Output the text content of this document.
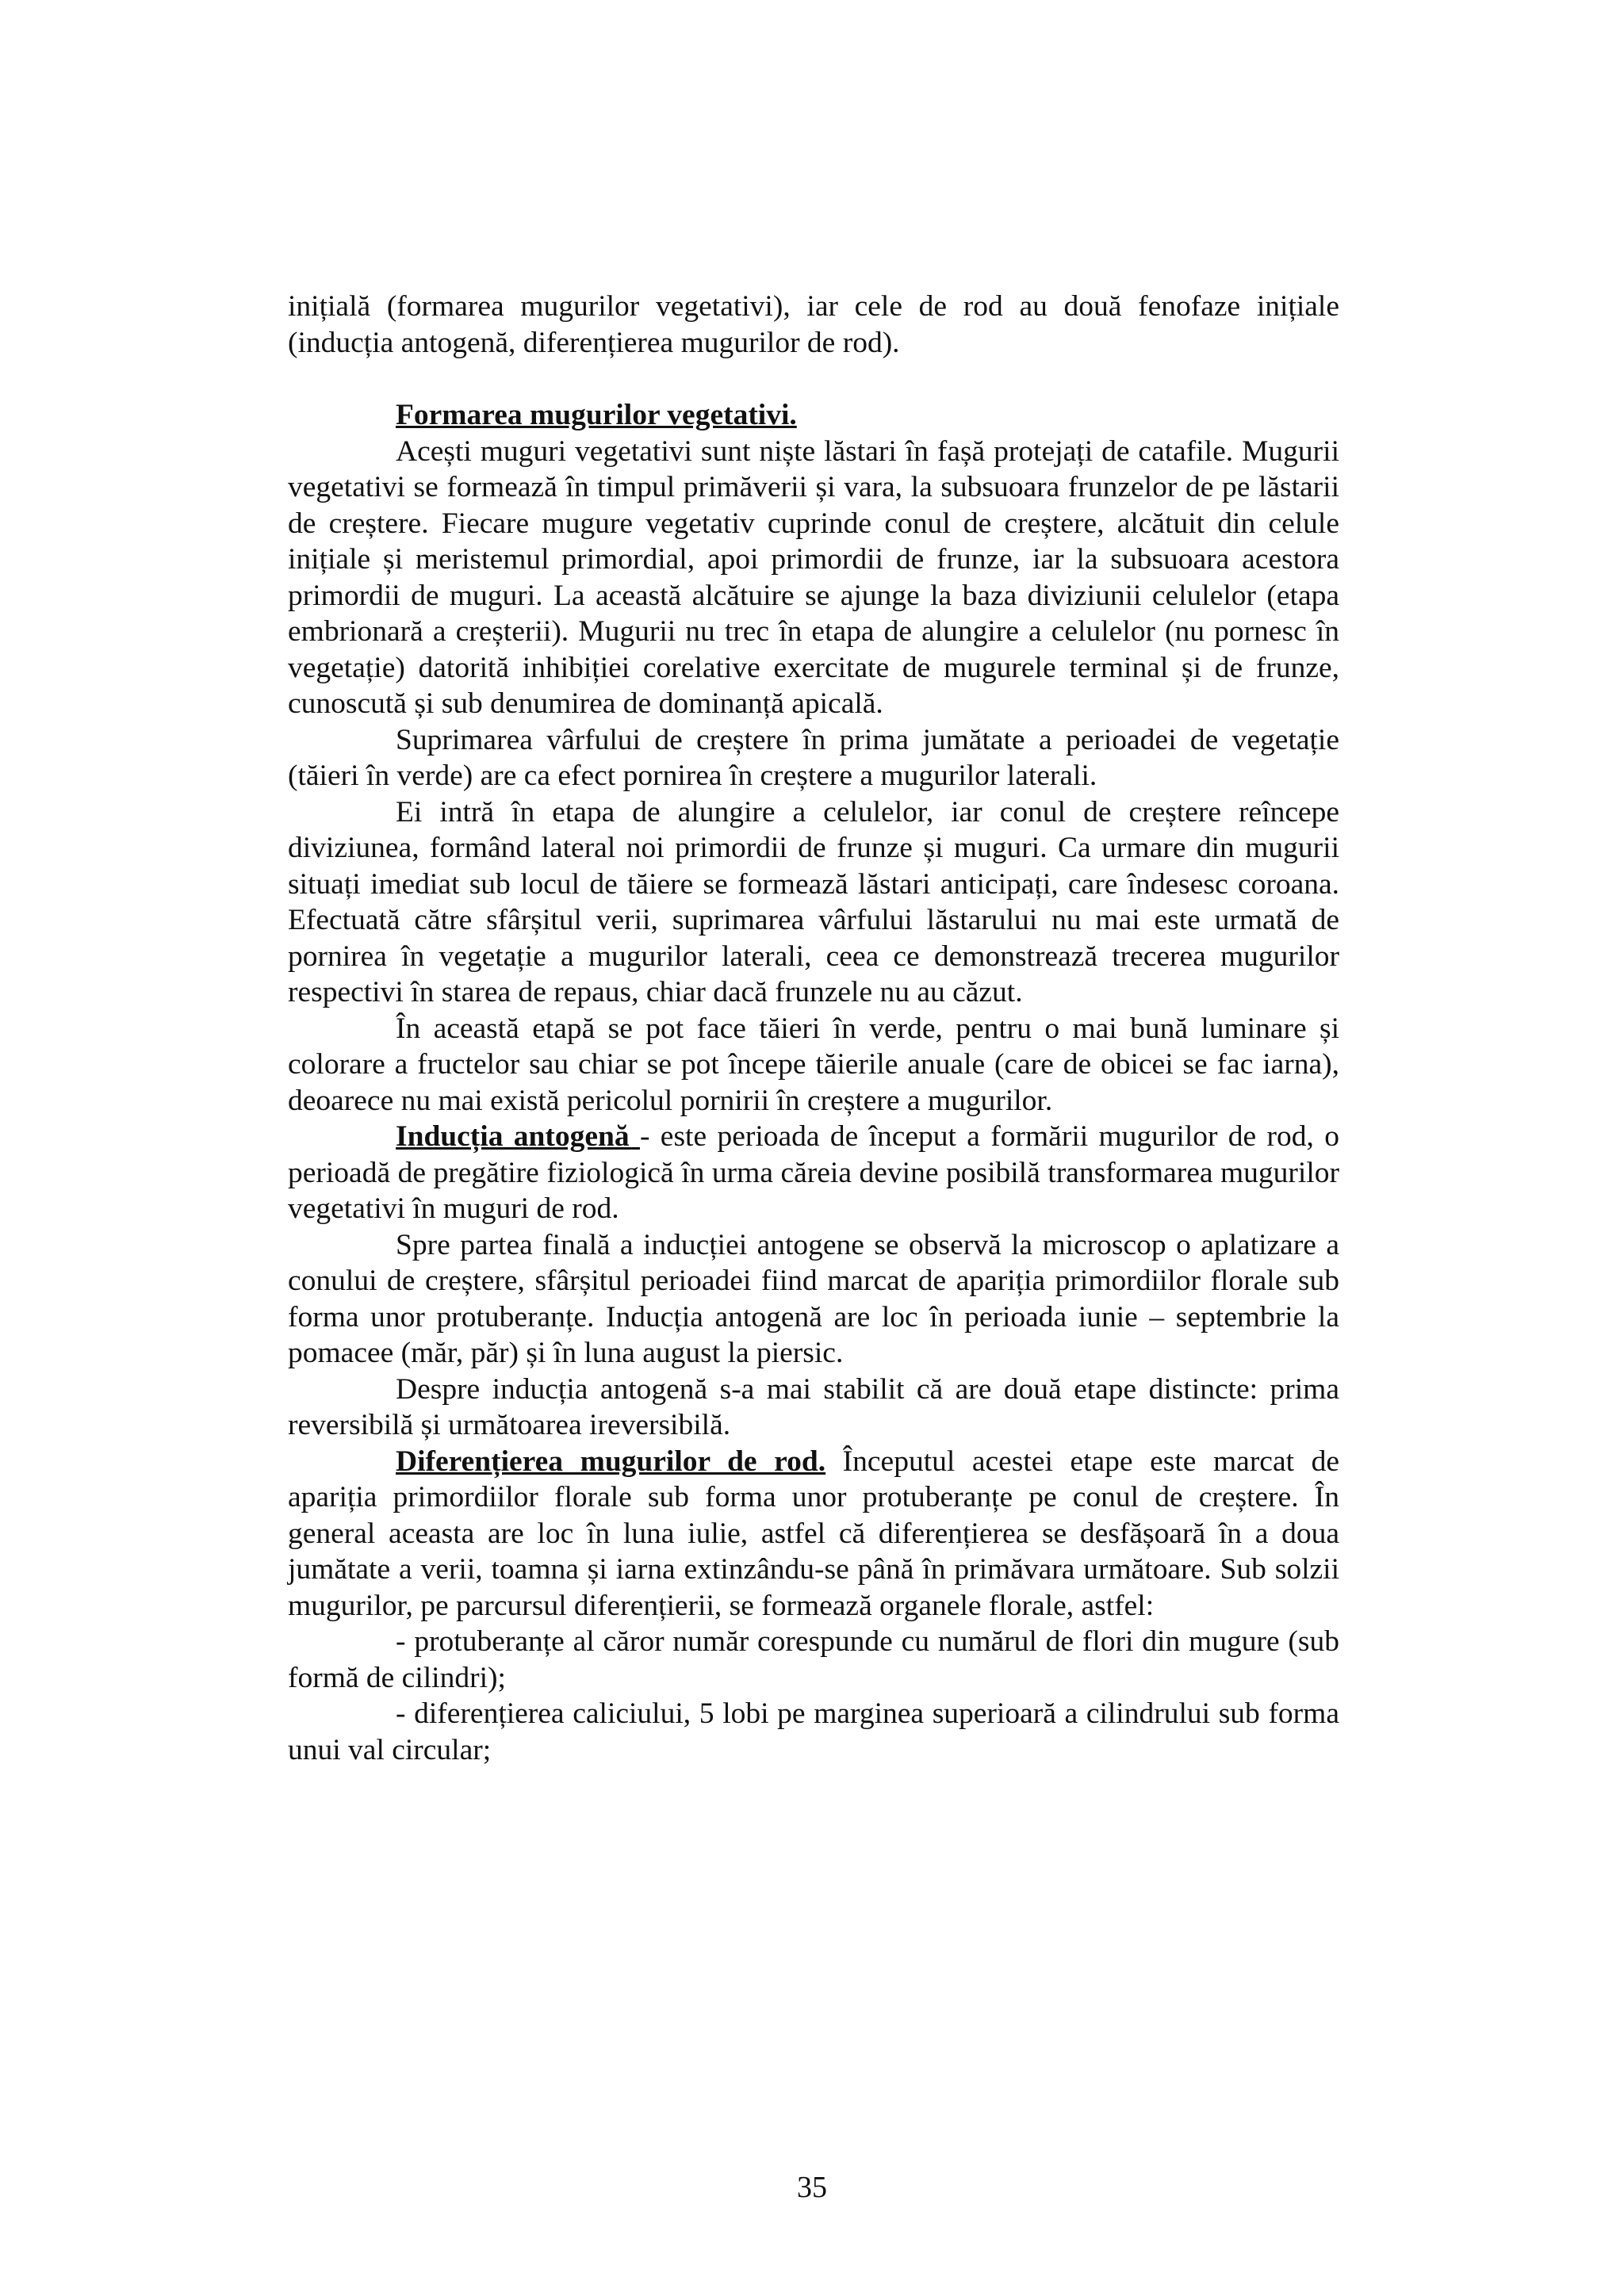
inițială (formarea mugurilor vegetativi), iar cele de rod au două fenofaze inițiale (inducția antogenă, diferențierea mugurilor de rod).

Formarea mugurilor vegetativi.

Acești muguri vegetativi sunt niște lăstari în fașă protejați de catafile. Mugurii vegetativi se formează în timpul primăverii și vara, la subsuoara frunzelor de pe lăstarii de creștere. Fiecare mugure vegetativ cuprinde conul de creștere, alcătuit din celule inițiale și meristemul primordial, apoi primordii de frunze, iar la subsuoara acestora primordii de muguri. La această alcătuire se ajunge la baza diviziunii celulelor (etapa embrionară a creșterii). Mugurii nu trec în etapa de alungire a celulelor (nu pornesc în vegetație) datorită inhibiției corelative exercitate de mugurele terminal și de frunze, cunoscută și sub denumirea de dominanță apicală.

Suprimarea vârfului de creștere în prima jumătate a perioadei de vegetație (tăieri în verde) are ca efect pornirea în creștere a mugurilor laterali.

Ei intră în etapa de alungire a celulelor, iar conul de creștere reîncepe diviziunea, formând lateral noi primordii de frunze și muguri. Ca urmare din mugurii situați imediat sub locul de tăiere se formează lăstari anticipați, care îndesesc coroana. Efectuată către sfârșitul verii, suprimarea vârfului lăstarului nu mai este urmată de pornirea în vegetație a mugurilor laterali, ceea ce demonstrează trecerea mugurilor respectivi în starea de repaus, chiar dacă frunzele nu au căzut.

În această etapă se pot face tăieri în verde, pentru o mai bună luminare și colorare a fructelor sau chiar se pot începe tăierile anuale (care de obicei se fac iarna), deoarece nu mai există pericolul pornirii în creștere a mugurilor.

Inducția antogenă - este perioada de început a formării mugurilor de rod, o perioadă de pregătire fiziologică în urma căreia devine posibilă transformarea mugurilor vegetativi în muguri de rod.

Spre partea finală a inducției antogene se observă la microscop o aplatizare a conului de creștere, sfârșitul perioadei fiind marcat de apariția primordiilor florale sub forma unor protuberanțe. Inducția antogenă are loc în perioada iunie – septembrie la pomacee (măr, păr) și în luna august la piersic.

Despre inducția antogenă s-a mai stabilit că are două etape distincte: prima reversibilă și următoarea ireversibilă.

Diferențierea mugurilor de rod. Începutul acestei etape este marcat de apariția primordiilor florale sub forma unor protuberanțe pe conul de creștere. În general aceasta are loc în luna iulie, astfel că diferențierea se desfășoară în a doua jumătate a verii, toamna și iarna extinzându-se până în primăvara următoare. Sub solzii mugurilor, pe parcursul diferențierii, se formează organele florale, astfel:

- protuberanțe al căror număr corespunde cu numărul de flori din mugure (sub formă de cilindri);

- diferențierea caliciului, 5 lobi pe marginea superioară a cilindrului sub forma unui val circular;

35
